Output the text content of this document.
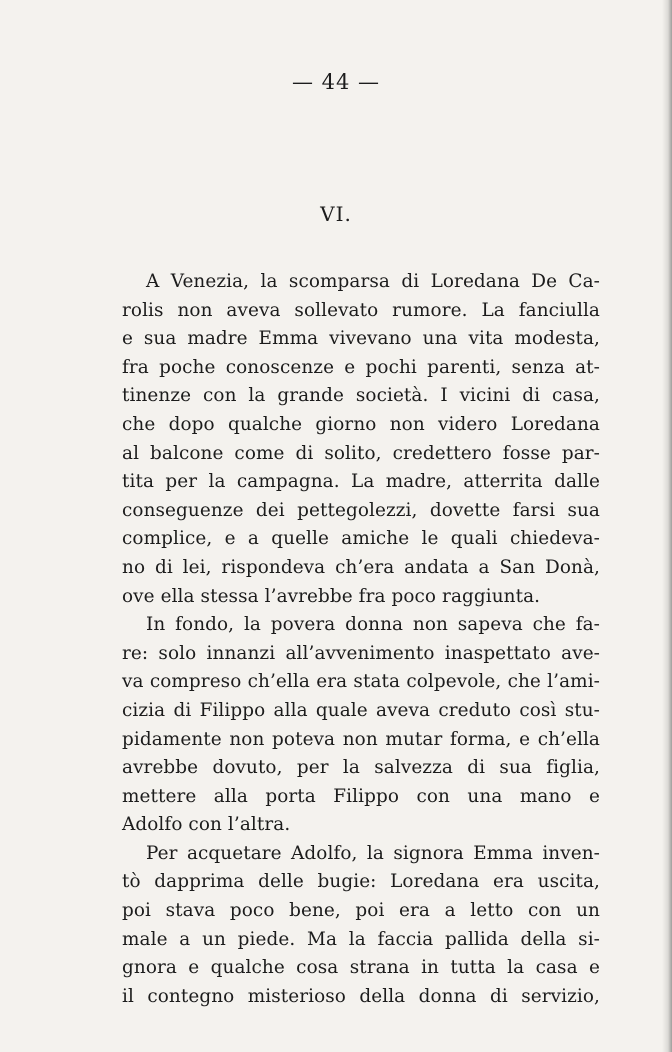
— 44 —
VI.
A Venezia, la scomparsa di Loredana De Ca-
rolis non aveva sollevato rumore. La fanciulla
e sua madre Emma vivevano una vita modesta,
fra poche conoscenze e pochi parenti, senza at-
tinenze con la grande società. I vicini di casa,
che dopo qualche giorno non videro Loredana
al balcone come di solito, credettero fosse par-
tita per la campagna. La madre, atterrita dalle
conseguenze dei pettegolezzi, dovette farsi sua
complice, e a quelle amiche le quali chiedeva-
no di lei, rispondeva ch’era andata a San Donà,
ove ella stessa l’avrebbe fra poco raggiunta.
In fondo, la povera donna non sapeva che fa-
re: solo innanzi all’avvenimento inaspettato ave-
va compreso ch’ella era stata colpevole, che l’ami-
cizia di Filippo alla quale aveva creduto così stu-
pidamente non poteva non mutar forma, e ch’ella
avrebbe dovuto, per la salvezza di sua figlia,
mettere alla porta Filippo con una mano e
Adolfo con l’altra.
Per acquetare Adolfo, la signora Emma inven-
tò dapprima delle bugie: Loredana era uscita,
poi stava poco bene, poi era a letto con un
male a un piede. Ma la faccia pallida della si-
gnora e qualche cosa strana in tutta la casa e
il contegno misterioso della donna di servizio,
